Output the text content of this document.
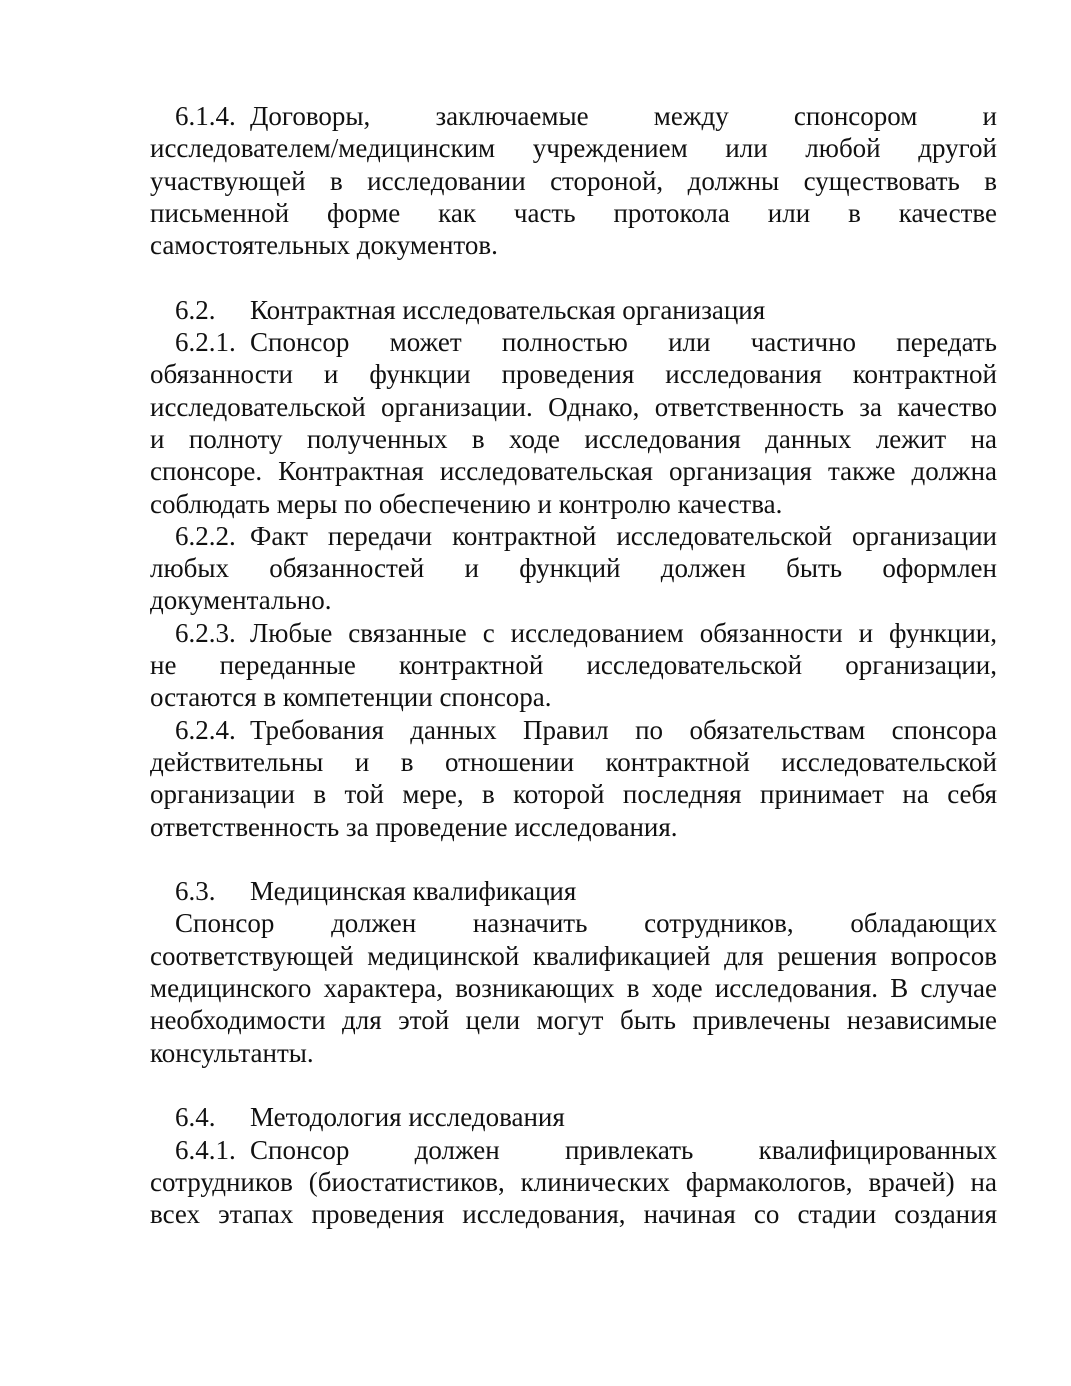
6.1.4. Договоры, заключаемые между спонсором и
исследователем/медицинским учреждением или любой другой
участвующей в исследовании стороной, должны существовать в
письменной форме как часть протокола или в качестве
самостоятельных документов.
6.2. Контрактная исследовательская организация
6.2.1. Спонсор может полностью или частично передать
обязанности и функции проведения исследования контрактной
исследовательской организации. Однако, ответственность за качество
и полноту полученных в ходе исследования данных лежит на
спонсоре. Контрактная исследовательская организация также должна
соблюдать меры по обеспечению и контролю качества.
6.2.2. Факт передачи контрактной исследовательской организации
любых обязанностей и функций должен быть оформлен
документально.
6.2.3. Любые связанные с исследованием обязанности и функции,
не переданные контрактной исследовательской организации,
остаются в компетенции спонсора.
6.2.4. Требования данных Правил по обязательствам спонсора
действительны и в отношении контрактной исследовательской
организации в той мере, в которой последняя принимает на себя
ответственность за проведение исследования.
6.3. Медицинская квалификация
Спонсор должен назначить сотрудников, обладающих
соответствующей медицинской квалификацией для решения вопросов
медицинского характера, возникающих в ходе исследования. В случае
необходимости для этой цели могут быть привлечены независимые
консультанты.
6.4. Методология исследования
6.4.1. Спонсор должен привлекать квалифицированных
сотрудников (биостатистиков, клинических фармакологов, врачей) на
всех этапах проведения исследования, начиная со стадии создания
